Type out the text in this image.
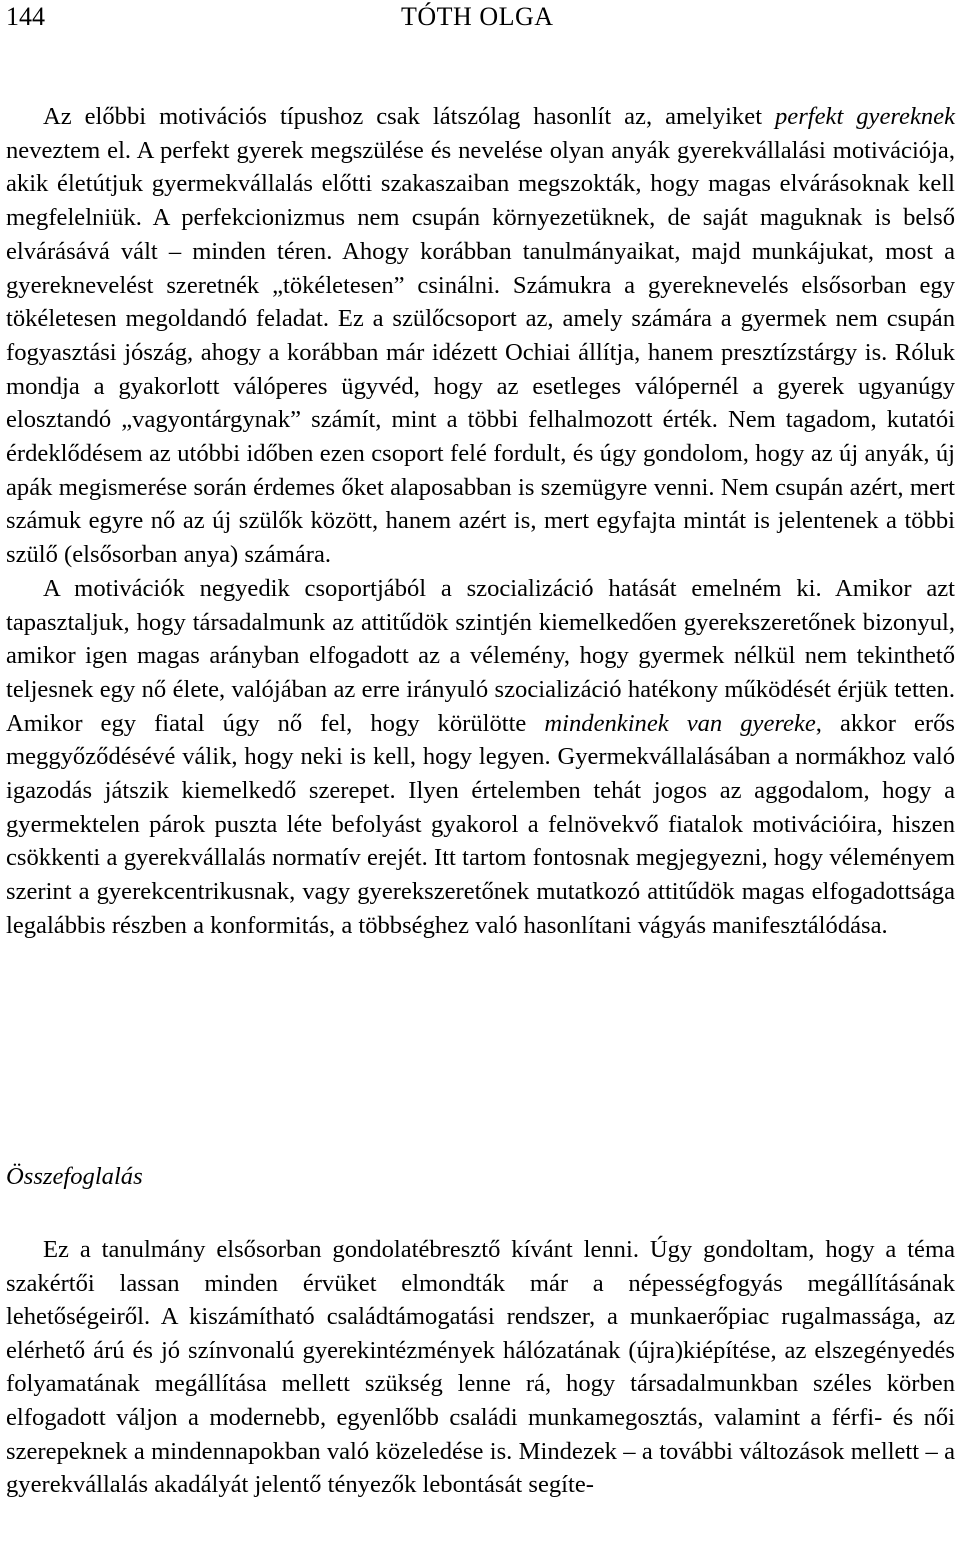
144	TÓTH OLGA

Az előbbi motivációs típushoz csak látszólag hasonlít az, amelyiket perfekt gyereknek neveztem el. A perfekt gyerek megszülése és nevelése olyan anyák gyerekvállalási motivációja, akik életútjuk gyermekvállalás előtti szakaszaiban megszokták, hogy magas elvárásoknak kell megfelelniük. A perfekcionizmus nem csupán környezetüknek, de saját maguknak is belső elvárásává vált – minden téren. Ahogy korábban tanulmányaikat, majd munkájukat, most a gyereknevelést szeretnék „tökéletesen” csinálni. Számukra a gyereknevelés elsősorban egy tökéletesen megoldandó feladat. Ez a szülőcsoport az, amely számára a gyermek nem csupán fogyasztási jószág, ahogy a korábban már idézett Ochiai állítja, hanem presztízstárgy is. Róluk mondja a gyakorlott válóperes ügyvéd, hogy az esetleges válópernél a gyerek ugyanúgy elosztandó „vagyontárgynak” számít, mint a többi felhalmozott érték. Nem tagadom, kutatói érdeklődésem az utóbbi időben ezen csoport felé fordult, és úgy gondolom, hogy az új anyák, új apák megismerése során érdemes őket alaposabban is szemügyre venni. Nem csupán azért, mert számuk egyre nő az új szülők között, hanem azért is, mert egyfajta mintát is jelentenek a többi szülő (elsősorban anya) számára.

A motivációk negyedik csoportjából a szocializáció hatását emelném ki. Amikor azt tapasztaljuk, hogy társadalmunk az attitűdök szintjén kiemelkedően gyerekszeretőnek bizonyul, amikor igen magas arányban elfogadott az a vélemény, hogy gyermek nélkül nem tekinthető teljesnek egy nő élete, valójában az erre irányuló szocializáció hatékony működését érjük tetten. Amikor egy fiatal úgy nő fel, hogy körülötte mindenkinek van gyereke, akkor erős meggyőződésévé válik, hogy neki is kell, hogy legyen. Gyermekvállalásában a normákhoz való igazodás játszik kiemelkedő szerepet. Ilyen értelemben tehát jogos az aggodalom, hogy a gyermektelen párok puszta léte befolyást gyakorol a felnövekvő fiatalok motivációira, hiszen csökkenti a gyerekvállalás normatív erejét. Itt tartom fontosnak megjegyezni, hogy véleményem szerint a gyerekcentrikusnak, vagy gyerekszeretőnek mutatkozó attitűdök magas elfogadottsága legalábbis részben a konformitás, a többséghez való hasonlítani vágyás manifesztálódása.

Összefoglalás

Ez a tanulmány elsősorban gondolatébresztő kívánt lenni. Úgy gondoltam, hogy a téma szakértői lassan minden érvüket elmondták már a népességfogyás megállításának lehetőségeiről. A kiszámítható családtámogatási rendszer, a munkaerőpiac rugalmassága, az elérhető árú és jó színvonalú gyerekintézmények hálózatának (újra)kiépítése, az elszegényedés folyamatának megállítása mellett szükség lenne rá, hogy társadalmunkban széles körben elfogadott váljon a modernebb, egyenlőbb családi munkamegosztás, valamint a férfi- és női szerepeknek a mindennapokban való közeledése is. Mindezek – a további változások mellett – a gyerekvállalás akadályát jelentő tényezők lebontását segíte-
